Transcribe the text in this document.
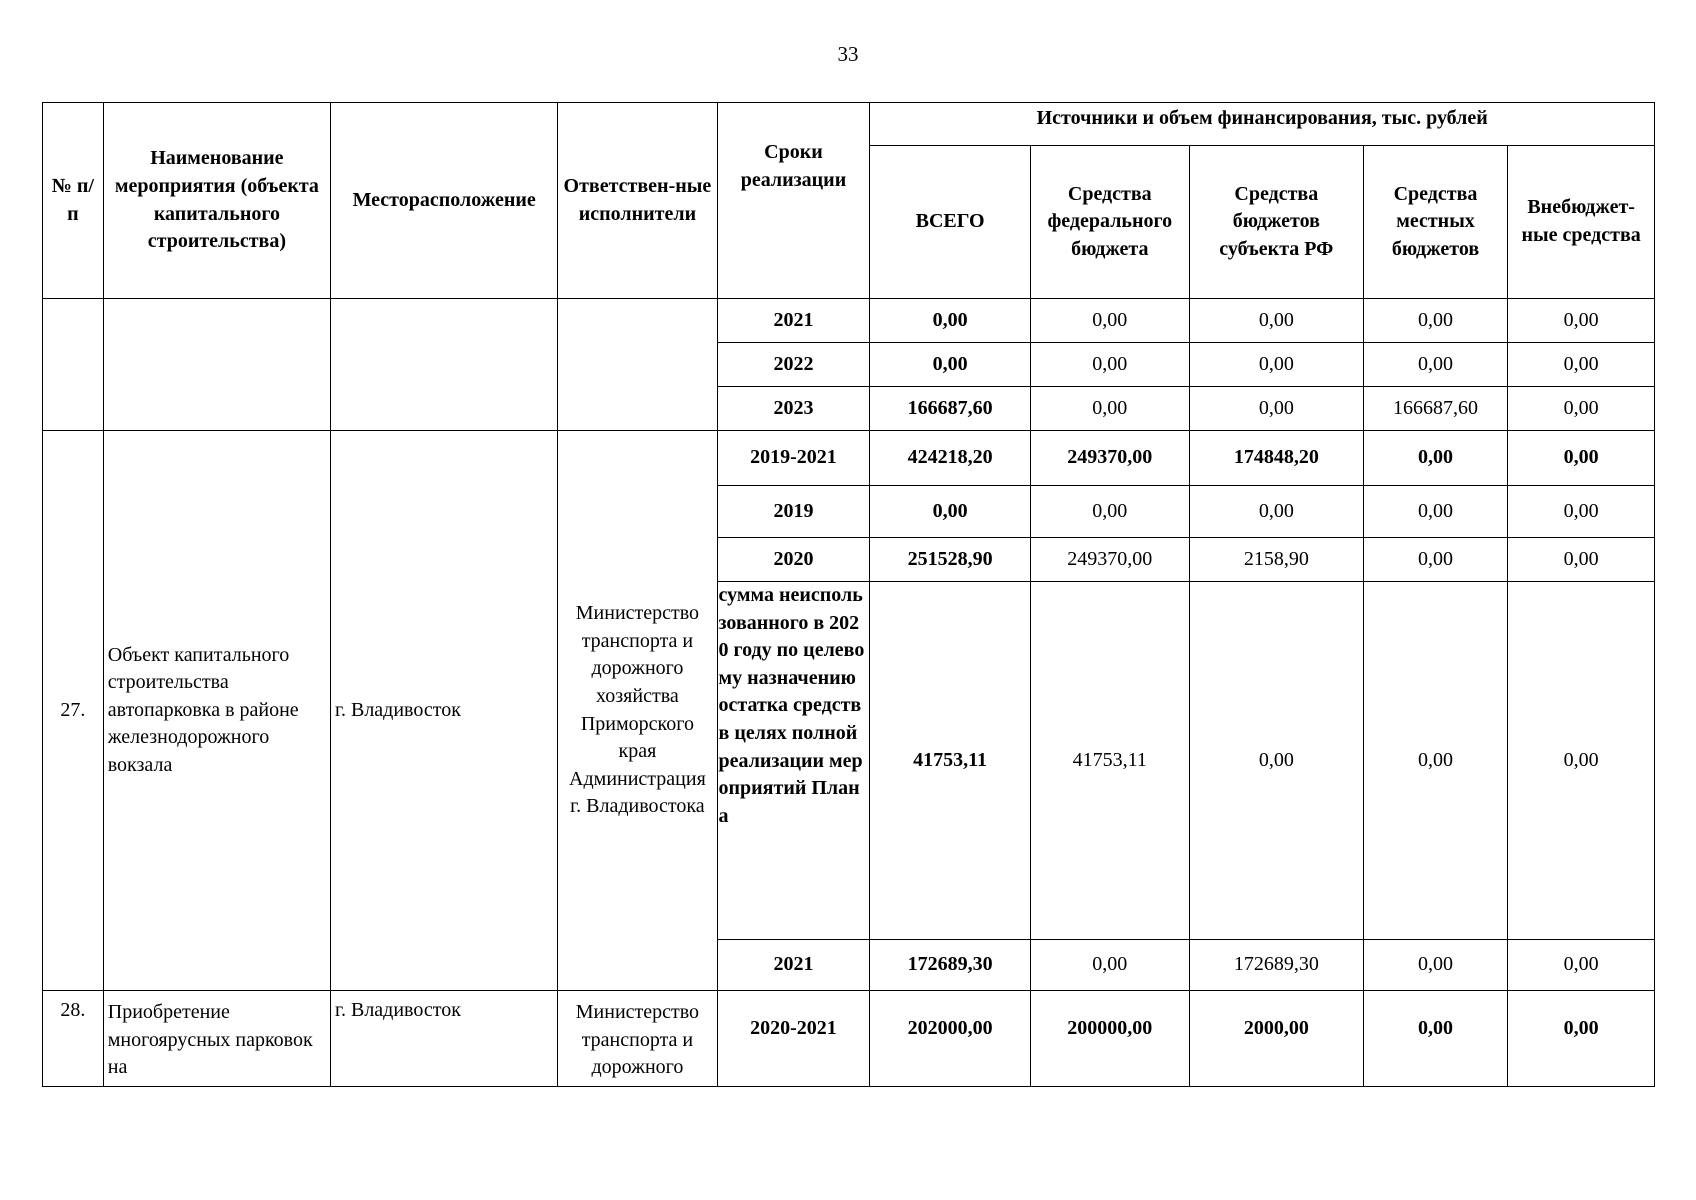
33
№ п/п	Наименование мероприятия (объекта капитального строительства)	Месторасположение	Ответствен-ные исполнители	Сроки реализации	Источники и объем финансирования, тыс. рублей				
					ВСЕГО	Средства федерального бюджета	Средства бюджетов субъекта РФ	Средства местных бюджетов	Внебюджет-ные средства
				2021	0,00	0,00	0,00	0,00	0,00
				2022	0,00	0,00	0,00	0,00	0,00
				2023	166687,60	0,00	0,00	166687,60	0,00
27.	Объект капитального строительства автопарковка в районе железнодорожного вокзала	г. Владивосток	Министерство транспорта и дорожного хозяйства Приморского края Администрация г. Владивостока	2019-2021	424218,20	249370,00	174848,20	0,00	0,00
				2019	0,00	0,00	0,00	0,00	0,00
				2020	251528,90	249370,00	2158,90	0,00	0,00
				сумма неиспользованного в 2020 году по целевому назначению остатка средств в целях полной реализации мероприятий Плана	41753,11	41753,11	0,00	0,00	0,00
				2021	172689,30	0,00	172689,30	0,00	0,00
28.	Приобретение многоярусных парковок на	г. Владивосток	Министерство транспорта и дорожного	2020-2021	202000,00	200000,00	2000,00	0,00	0,00
